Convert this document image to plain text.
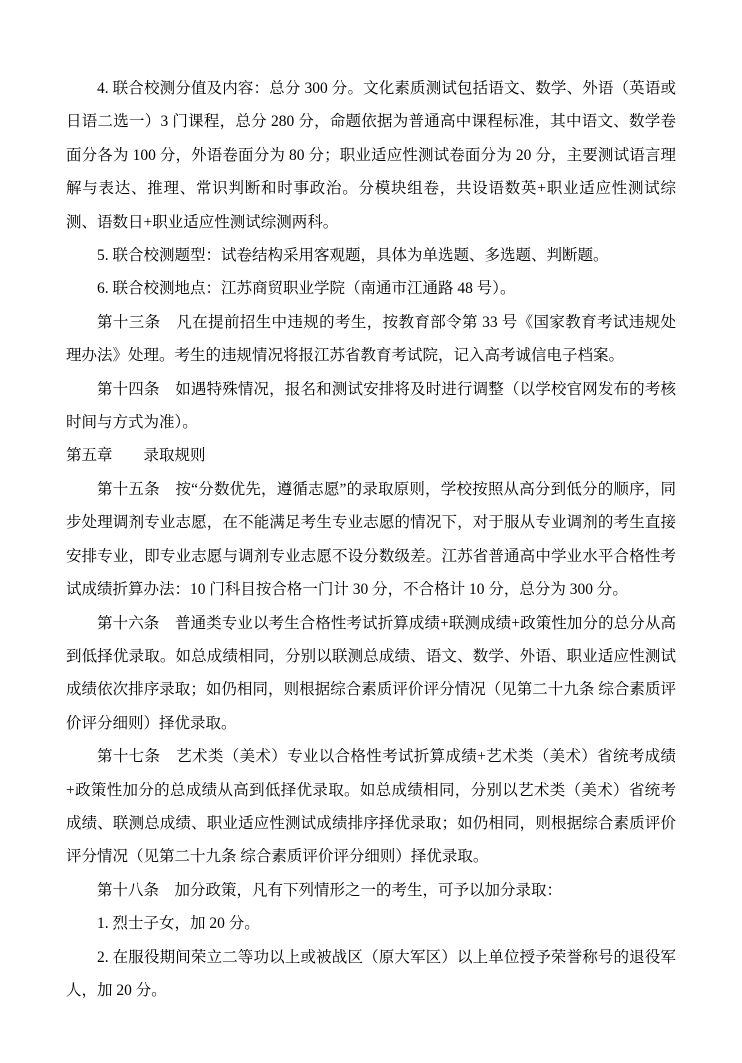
4. 联合校测分值及内容：总分 300 分。文化素质测试包括语文、数学、外语（英语或日语二选一）3 门课程，总分 280 分，命题依据为普通高中课程标准，其中语文、数学卷面分各为 100 分，外语卷面分为 80 分；职业适应性测试卷面分为 20 分，主要测试语言理解与表达、推理、常识判断和时事政治。分模块组卷，共设语数英+职业适应性测试综测、语数日+职业适应性测试综测两科。

5. 联合校测题型：试卷结构采用客观题，具体为单选题、多选题、判断题。

6. 联合校测地点：江苏商贸职业学院（南通市江通路 48 号）。

第十三条　凡在提前招生中违规的考生，按教育部令第 33 号《国家教育考试违规处理办法》处理。考生的违规情况将报江苏省教育考试院，记入高考诚信电子档案。

第十四条　如遇特殊情况，报名和测试安排将及时进行调整（以学校官网发布的考核时间与方式为准）。

第五章　　录取规则

第十五条　按“分数优先，遵循志愿”的录取原则，学校按照从高分到低分的顺序，同步处理调剂专业志愿，在不能满足考生专业志愿的情况下，对于服从专业调剂的考生直接安排专业，即专业志愿与调剂专业志愿不设分数级差。江苏省普通高中学业水平合格性考试成绩折算办法：10 门科目按合格一门计 30 分，不合格计 10 分，总分为 300 分。

第十六条　普通类专业以考生合格性考试折算成绩+联测成绩+政策性加分的总分从高到低择优录取。如总成绩相同，分别以联测总成绩、语文、数学、外语、职业适应性测试成绩依次排序录取；如仍相同，则根据综合素质评价评分情况（见第二十九条 综合素质评价评分细则）择优录取。

第十七条　艺术类（美术）专业以合格性考试折算成绩+艺术类（美术）省统考成绩+政策性加分的总成绩从高到低择优录取。如总成绩相同，分别以艺术类（美术）省统考成绩、联测总成绩、职业适应性测试成绩排序择优录取；如仍相同，则根据综合素质评价评分情况（见第二十九条 综合素质评价评分细则）择优录取。

第十八条　加分政策，凡有下列情形之一的考生，可予以加分录取：

1. 烈士子女，加 20 分。

2. 在服役期间荣立二等功以上或被战区（原大军区）以上单位授予荣誉称号的退役军人，加 20 分。
